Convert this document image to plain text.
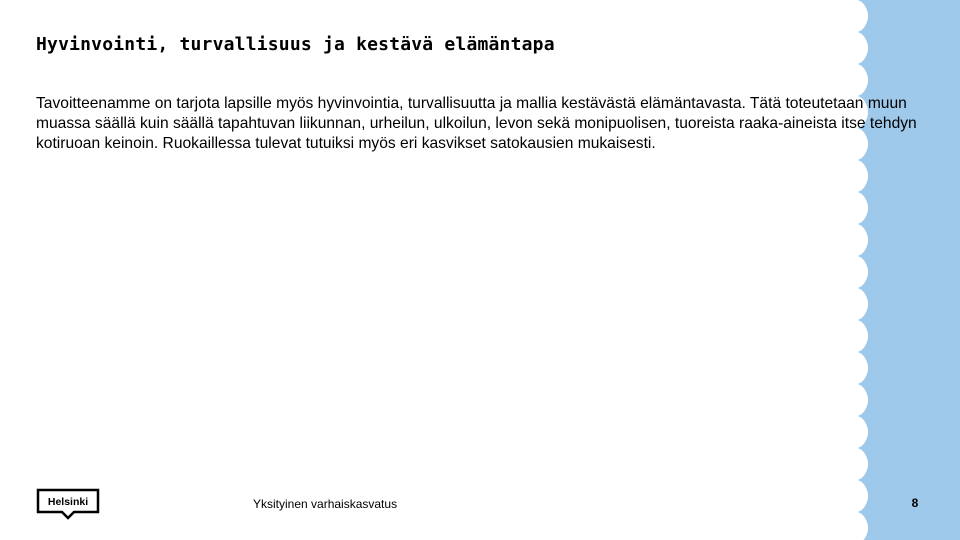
Hyvinvointi, turvallisuus ja kestävä elämäntapa

Tavoitteenamme on tarjota lapsille myös hyvinvointia, turvallisuutta ja mallia kestävästä elämäntavasta. Tätä toteutetaan muun muassa säällä kuin säällä tapahtuvan liikunnan, urheilun, ulkoilun, levon sekä monipuolisen, tuoreista raaka-aineista itse tehdyn kotiruoan keinoin. Ruokaillessa tulevat tutuiksi myös eri kasvikset satokausien mukaisesti.

Helsinki	Yksityinen varhaiskasvatus	8
